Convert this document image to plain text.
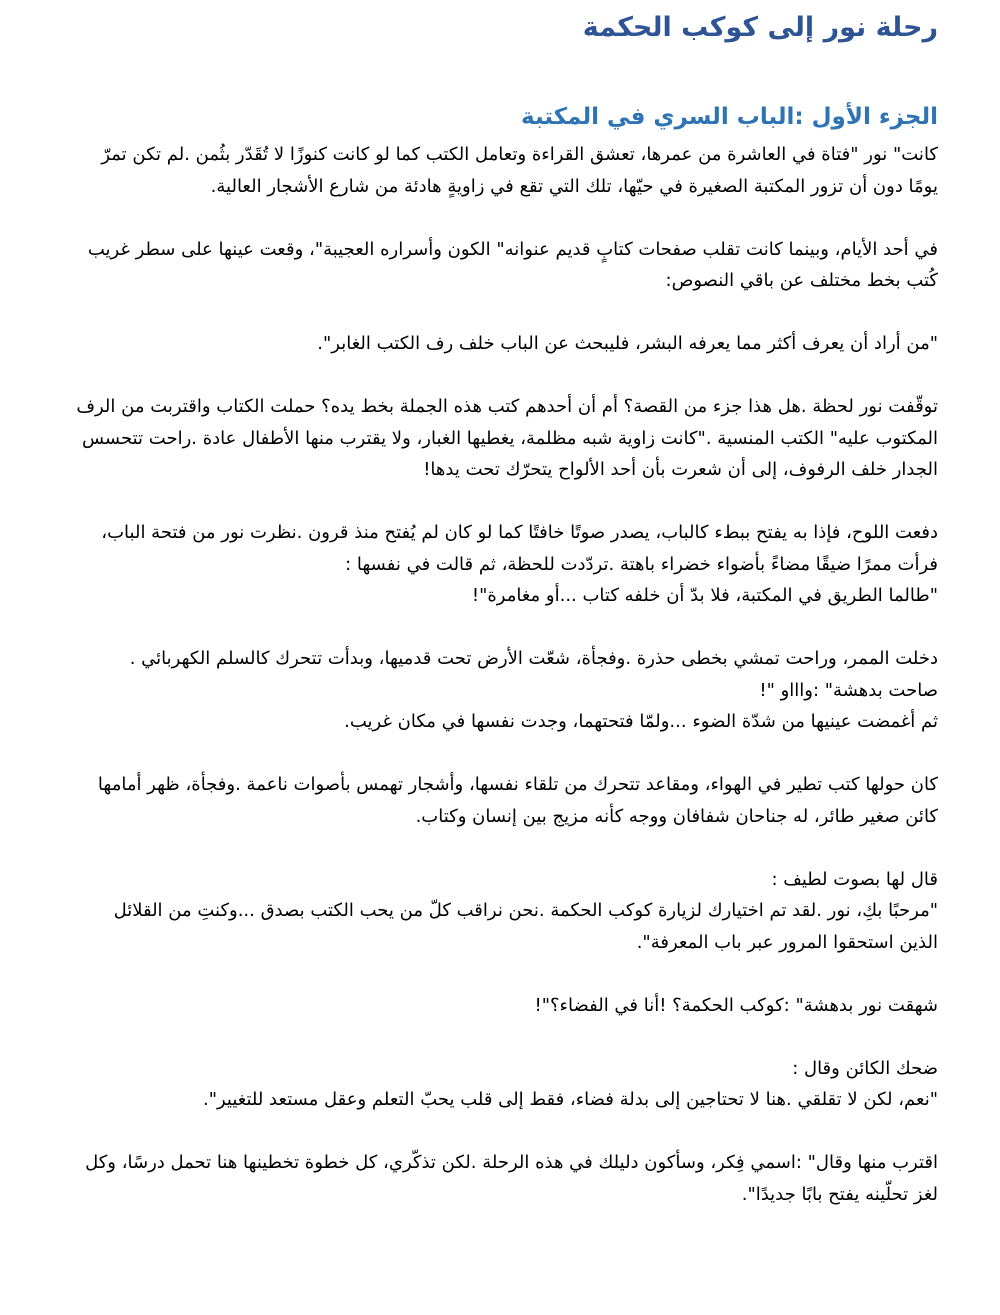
رحلة نور إلى كوكب الحكمة
الجزء الأول :الباب السري في المكتبة

كانت" نور "فتاة في العاشرة من عمرها، تعشق القراءة وتعامل الكتب كما لو كانت كنوزًا لا تُقَدّر بثُمن .لم تكن تمرّ
يومًا دون أن تزور المكتبة الصغيرة في حيّها، تلك التي تقع في زاويةٍ هادئة من شارع الأشجار العالية.

في أحد الأيام، وبينما كانت تقلب صفحات كتابٍ قديم عنوانه" الكون وأسراره العجيبة"، وقعت عينها على سطر غريب
كُتب بخط مختلف عن باقي النصوص:

"من أراد أن يعرف أكثر مما يعرفه البشر، فليبحث عن الباب خلف رف الكتب الغابر".

توقّفت نور لحظة .هل هذا جزء من القصة؟ أم أن أحدهم كتب هذه الجملة بخط يده؟ حملت الكتاب واقتربت من الرف
المكتوب عليه" الكتب المنسية ."كانت زاوية شبه مظلمة، يغطيها الغبار، ولا يقترب منها الأطفال عادة .راحت تتحسس
الجدار خلف الرفوف، إلى أن شعرت بأن أحد الألواح يتحرّك تحت يدها!

دفعت اللوح، فإذا به يفتح ببطء كالباب، يصدر صوتًا خافتًا كما لو كان لم يُفتح منذ قرون .نظرت نور من فتحة الباب،
فرأت ممرًا ضيقًا مضاءً بأضواء خضراء باهتة .تردّدت للحظة، ثم قالت في نفسها :
"طالما الطريق في المكتبة، فلا بدّ أن خلفه كتاب ...أو مغامرة"!

دخلت الممر، وراحت تمشي بخطى حذرة .وفجأة، شعّت الأرض تحت قدميها، وبدأت تتحرك كالسلم الكهربائي .
صاحت بدهشة" :واااو "!
ثم أغمضت عينيها من شدّة الضوء ...ولمّا فتحتهما، وجدت نفسها في مكان غريب.

كان حولها كتب تطير في الهواء، ومقاعد تتحرك من تلقاء نفسها، وأشجار تهمس بأصوات ناعمة .وفجأة، ظهر أمامها
كائن صغير طائر، له جناحان شفافان ووجه كأنه مزيج بين إنسان وكتاب.

قال لها بصوت لطيف :
"مرحبًا بكِ، نور .لقد تم اختيارك لزيارة كوكب الحكمة .نحن نراقب كلّ من يحب الكتب بصدق ...وكنتِ من القلائل
الذين استحقوا المرور عبر باب المعرفة".

شهقت نور بدهشة" :كوكب الحكمة؟ !أنا في الفضاء؟"!

ضحك الكائن وقال :
"نعم، لكن لا تقلقي .هنا لا تحتاجين إلى بدلة فضاء، فقط إلى قلب يحبّ التعلم وعقل مستعد للتغيير".

اقترب منها وقال" :اسمي فِكر، وسأكون دليلك في هذه الرحلة .لكن تذكّري، كل خطوة تخطينها هنا تحمل درسًا، وكل
لغز تحلّينه يفتح بابًا جديدًا".
